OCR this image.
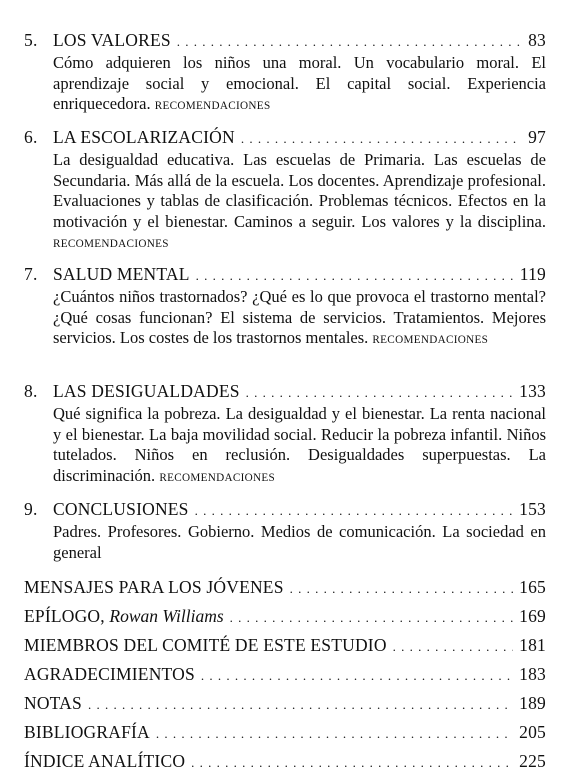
5. LOS VALORES . . .	83
Cómo adquieren los niños una moral. Un vocabulario moral. El aprendizaje social y emocional. El capital social. Experiencia enriquecedora. RECOMENDACIONES
6. LA ESCOLARIZACIÓN . . .	97
La desigualdad educativa. Las escuelas de Primaria. Las escuelas de Secundaria. Más allá de la escuela. Los docentes. Aprendizaje profesional. Evaluaciones y tablas de clasificación. Problemas técnicos. Efectos en la motivación y el bienestar. Caminos a seguir. Los valores y la disciplina. RECOMENDACIONES
7. SALUD MENTAL . . .	119
¿Cuántos niños trastornados? ¿Qué es lo que provoca el trastorno mental? ¿Qué cosas funcionan? El sistema de servicios. Tratamientos. Mejores servicios. Los costes de los trastornos mentales. RECOMENDACIONES
8. LAS DESIGUALDADES . . .	133
Qué significa la pobreza. La desigualdad y el bienestar. La renta nacional y el bienestar. La baja movilidad social. Reducir la pobreza infantil. Niños tutelados. Niños en reclusión. Desigualdades superpuestas. La discriminación. RECOMENDACIONES
9. CONCLUSIONES . . .	153
Padres. Profesores. Gobierno. Medios de comunicación. La sociedad en general
MENSAJES PARA LOS JÓVENES . . .	165
EPÍLOGO, Rowan Williams . . .	169
MIEMBROS DEL COMITÉ DE ESTE ESTUDIO . . .	181
AGRADECIMIENTOS . . .	183
NOTAS . . .	189
BIBLIOGRAFÍA . . .	205
ÍNDICE ANALÍTICO . . .	225
